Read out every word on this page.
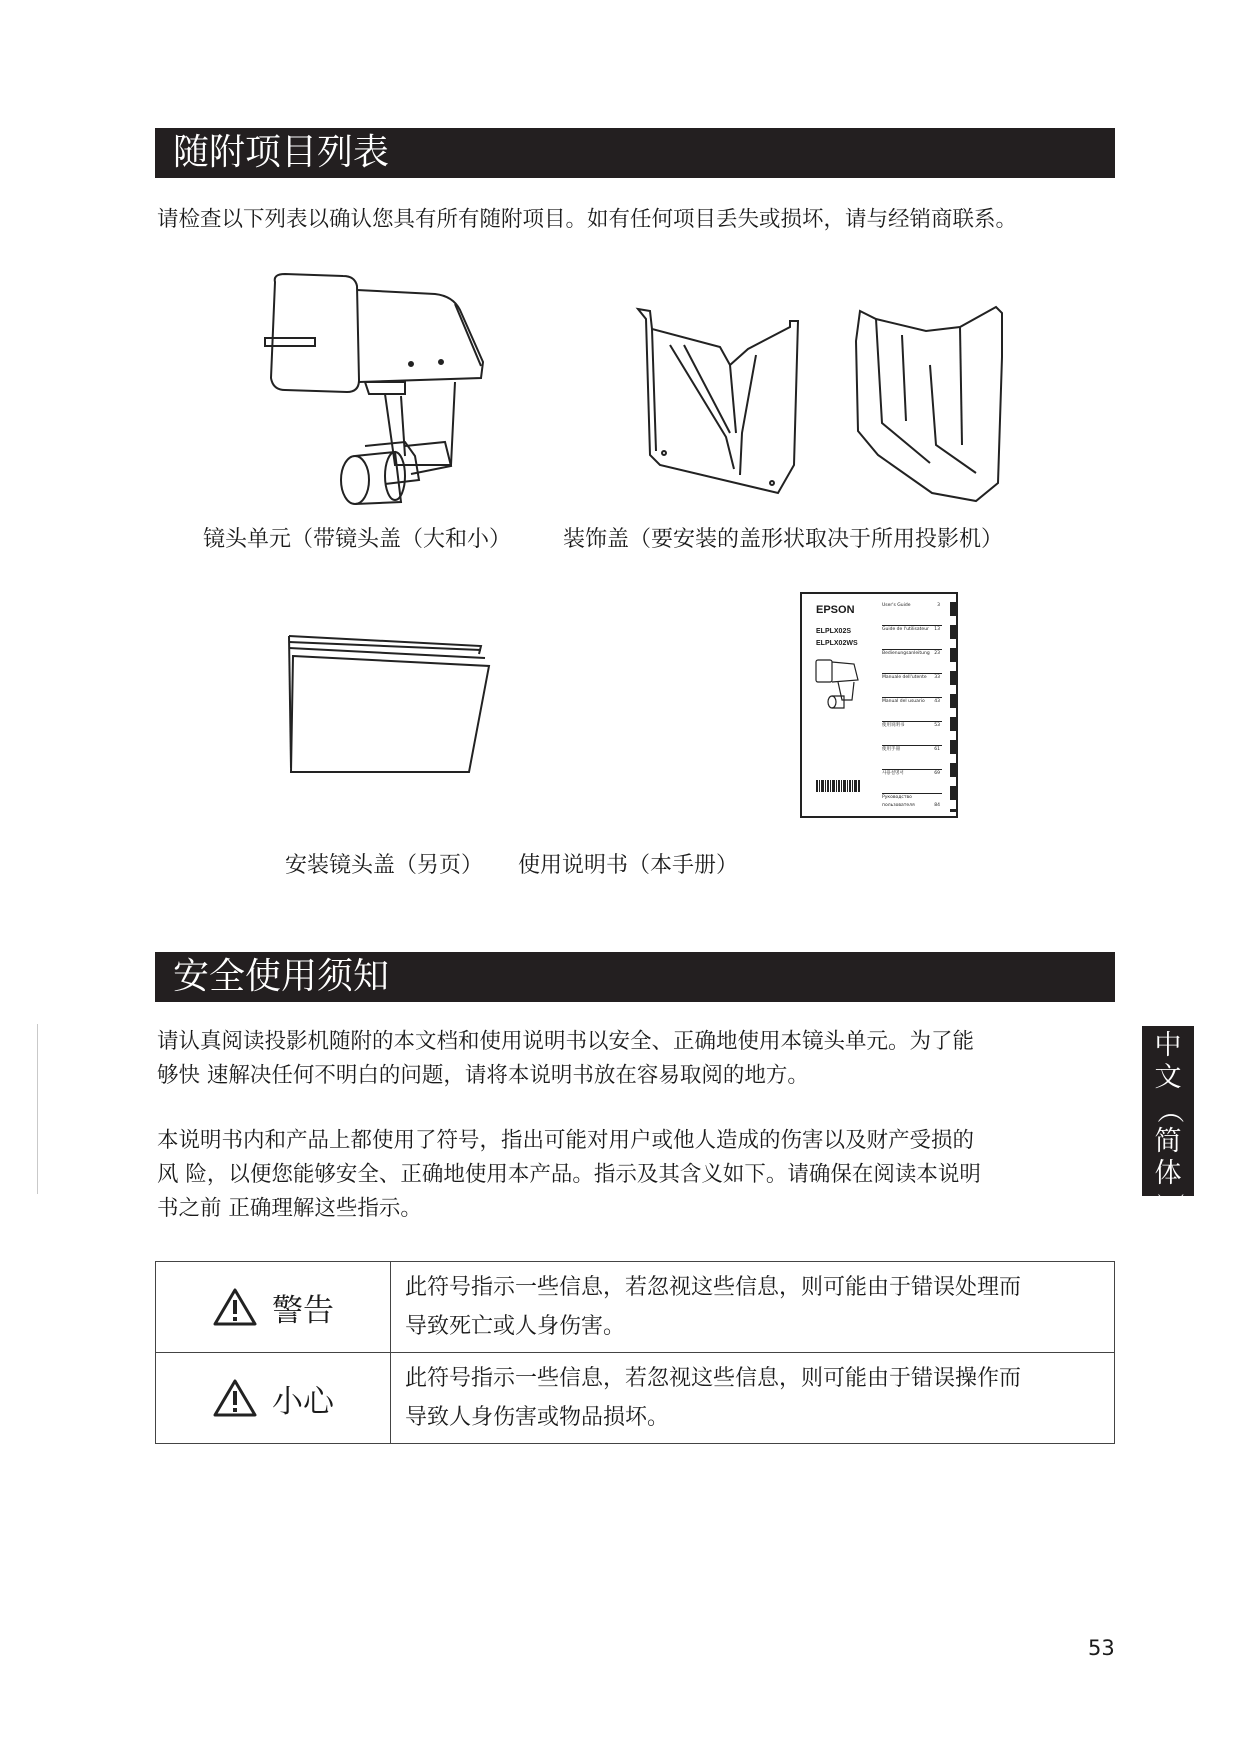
随附项目列表

请检查以下列表以确认您具有所有随附项目。如有任何项目丢失或损坏，请与经销商联系。

镜头单元（带镜头盖（大和小） 装饰盖（要安装的盖形状取决于所用投影机）
EPSON
ELPLX02S
ELPLX02WS
User's Guide	3
Guide de l'utilisateur 13
Bedienungsanleitung 23
Manuale dell'utente 33
Manual del usuario 43
使用说明书	53
使用手冊	61
사용설명서	69
Руководство пользователя	84
安装镜头盖（另页） 使用说明书（本手册）
安全使用须知

请认真阅读投影机随附的本文档和使用说明书以安全、正确地使用本镜头单元。为了能

够快 速解决任何不明白的问题，请将本说明书放在容易取阅的地方。

本说明书内和产品上都使用了符号，指出可能对用户或他人造成的伤害以及财产受损的

风 险，以便您能够安全、正确地使用本产品。指示及其含义如下。请确保在阅读本说明

书之前 正确理解这些指示。

警告	此符号指示一些信息，若忽视这些信息，则可能由于错误处理而
导致死亡或人身伤害。

小心	此符号指示一些信息，若忽视这些信息，则可能由于错误操作而
导致人身伤害或物品损坏。
中
文
（
简
体
）
53
